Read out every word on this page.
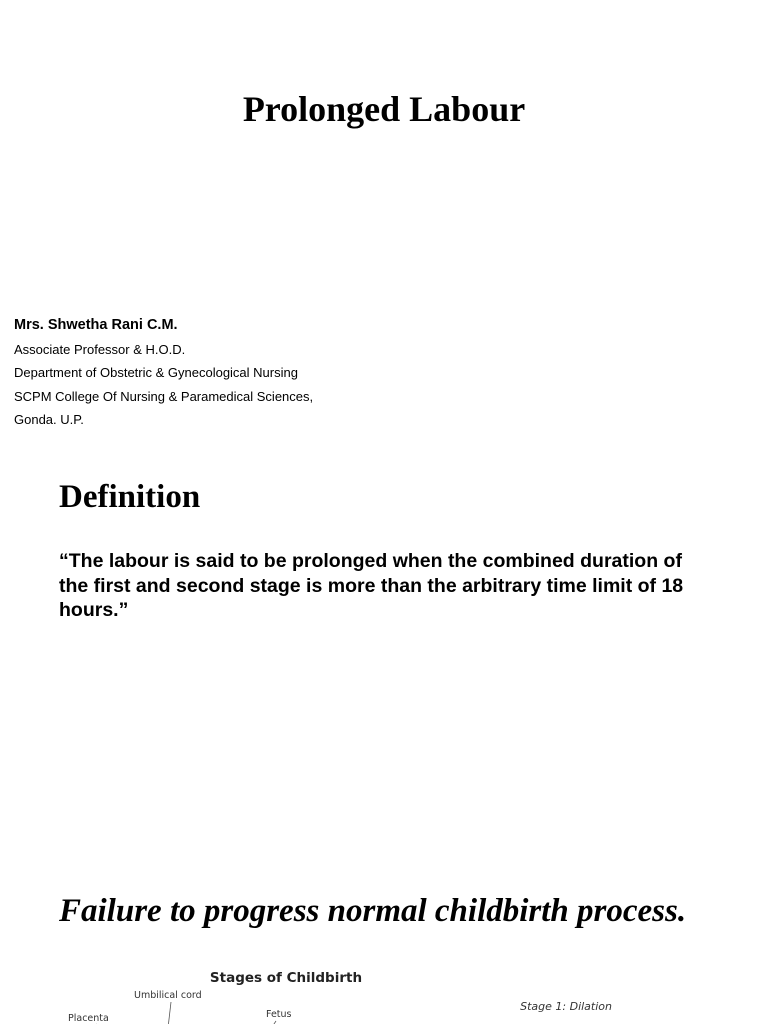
Prolonged Labour

Mrs. Shwetha Rani C.M.

Associate Professor & H.O.D.

Department of Obstetric & Gynecological Nursing

SCPM College Of Nursing & Paramedical Sciences,

Gonda. U.P.

Definition

“The labour is said to be prolonged when the combined duration of the first and second stage is more than the arbitrary time limit of 18 hours.”

Failure to progress normal childbirth process.
Stages of Childbirth
Umbilical cord
Fetus
Placenta
Stage 1: Dilation
